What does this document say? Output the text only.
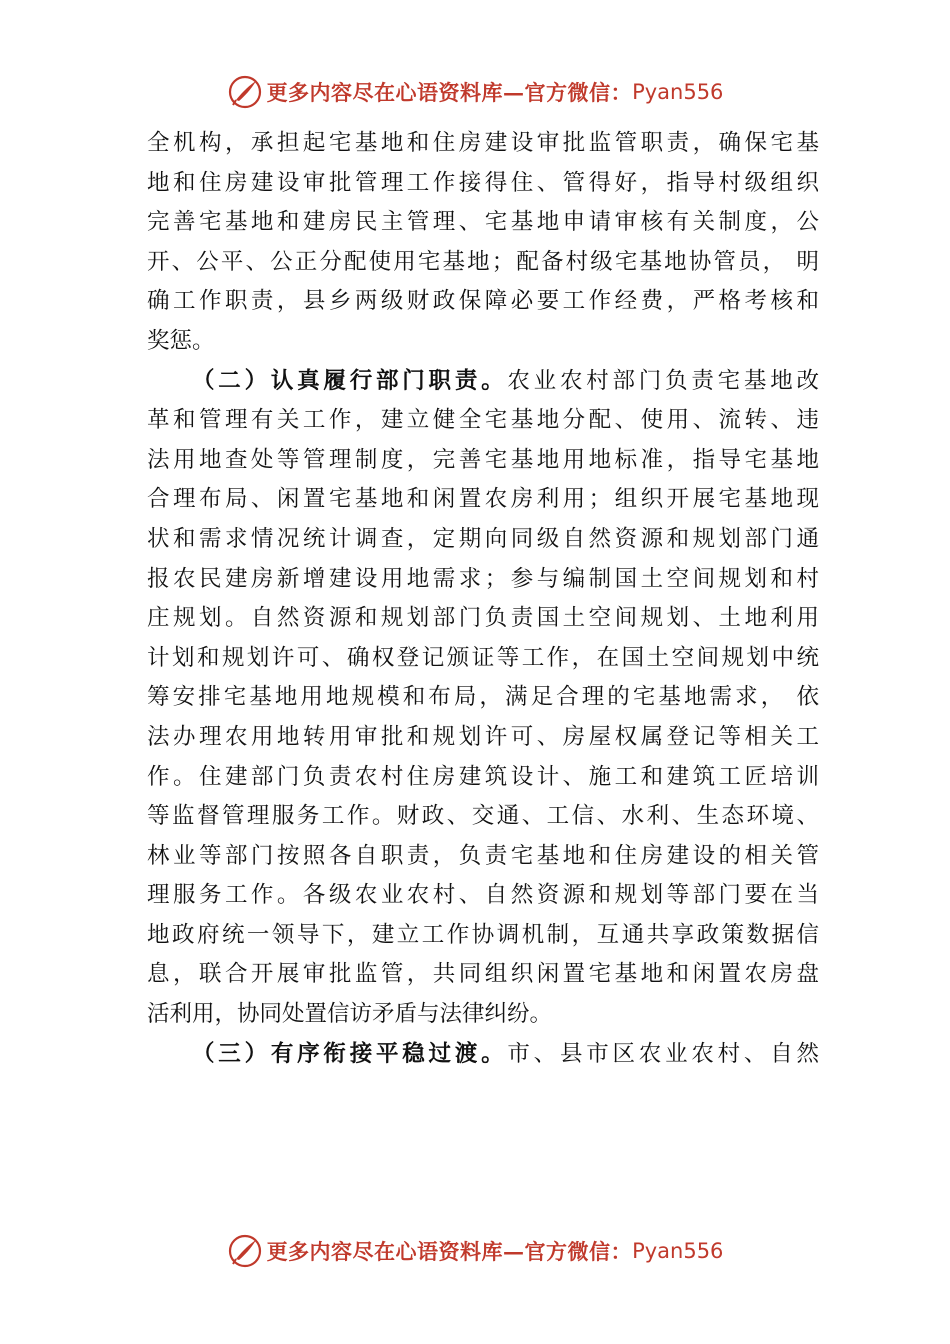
更多内容尽在心语资料库—官方微信： Pyan556
全机构，承担起宅基地和住房建设审批监管职责，确保宅基
地和住房建设审批管理工作接得住、管得好，指导村级组织
完善宅基地和建房民主管理、宅基地申请审核有关制度，公
开、公平、公正分配使用宅基地；配备村级宅基地协管员， 明
确工作职责，县乡两级财政保障必要工作经费，严格考核和
奖惩。
（二）认真履行部门职责。农业农村部门负责宅基地改
革和管理有关工作，建立健全宅基地分配、使用、流转、违
法用地查处等管理制度，完善宅基地用地标准，指导宅基地
合理布局、闲置宅基地和闲置农房利用；组织开展宅基地现
状和需求情况统计调查，定期向同级自然资源和规划部门通
报农民建房新增建设用地需求；参与编制国土空间规划和村
庄规划。自然资源和规划部门负责国土空间规划、土地利用
计划和规划许可、确权登记颁证等工作，在国土空间规划中统
筹安排宅基地用地规模和布局，满足合理的宅基地需求， 依
法办理农用地转用审批和规划许可、房屋权属登记等相关工
作。住建部门负责农村住房建筑设计、施工和建筑工匠培训
等监督管理服务工作。财政、交通、工信、水利、生态环境、
林业等部门按照各自职责，负责宅基地和住房建设的相关管
理服务工作。各级农业农村、自然资源和规划等部门要在当
地政府统一领导下，建立工作协调机制，互通共享政策数据信
息，联合开展审批监管，共同组织闲置宅基地和闲置农房盘
活利用，协同处置信访矛盾与法律纠纷。
（三）有序衔接平稳过渡。市、县市区农业农村、自然
更多内容尽在心语资料库—官方微信： Pyan556
